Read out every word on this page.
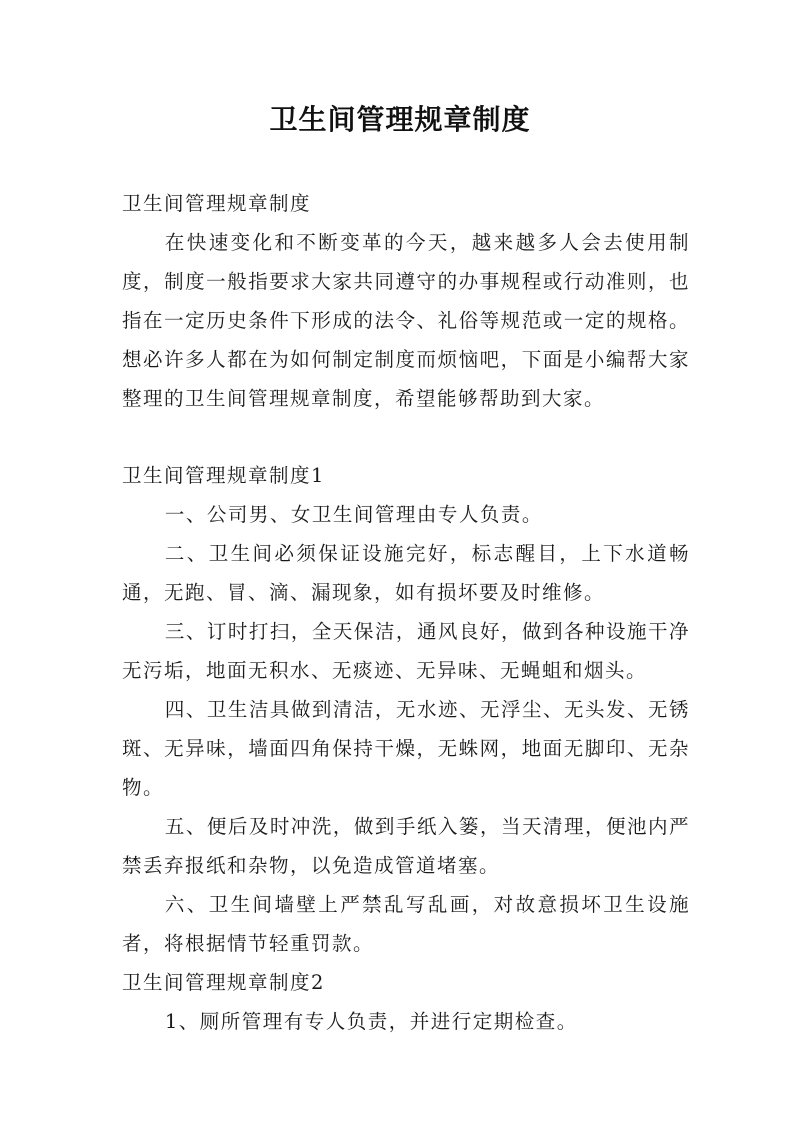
卫生间管理规章制度

卫生间管理规章制度

在快速变化和不断变革的今天，越来越多人会去使用制度，制度一般指要求大家共同遵守的办事规程或行动准则，也指在一定历史条件下形成的法令、礼俗等规范或一定的规格。想必许多人都在为如何制定制度而烦恼吧，下面是小编帮大家整理的卫生间管理规章制度，希望能够帮助到大家。

卫生间管理规章制度1

一、公司男、女卫生间管理由专人负责。

二、卫生间必须保证设施完好，标志醒目，上下水道畅通，无跑、冒、滴、漏现象，如有损坏要及时维修。

三、订时打扫，全天保洁，通风良好，做到各种设施干净无污垢，地面无积水、无痰迹、无异味、无蝇蛆和烟头。

四、卫生洁具做到清洁，无水迹、无浮尘、无头发、无锈斑、无异味，墙面四角保持干燥，无蛛网，地面无脚印、无杂物。

五、便后及时冲洗，做到手纸入篓，当天清理，便池内严禁丢弃报纸和杂物，以免造成管道堵塞。

六、卫生间墙壁上严禁乱写乱画，对故意损坏卫生设施者，将根据情节轻重罚款。

卫生间管理规章制度2

1、厕所管理有专人负责，并进行定期检查。
